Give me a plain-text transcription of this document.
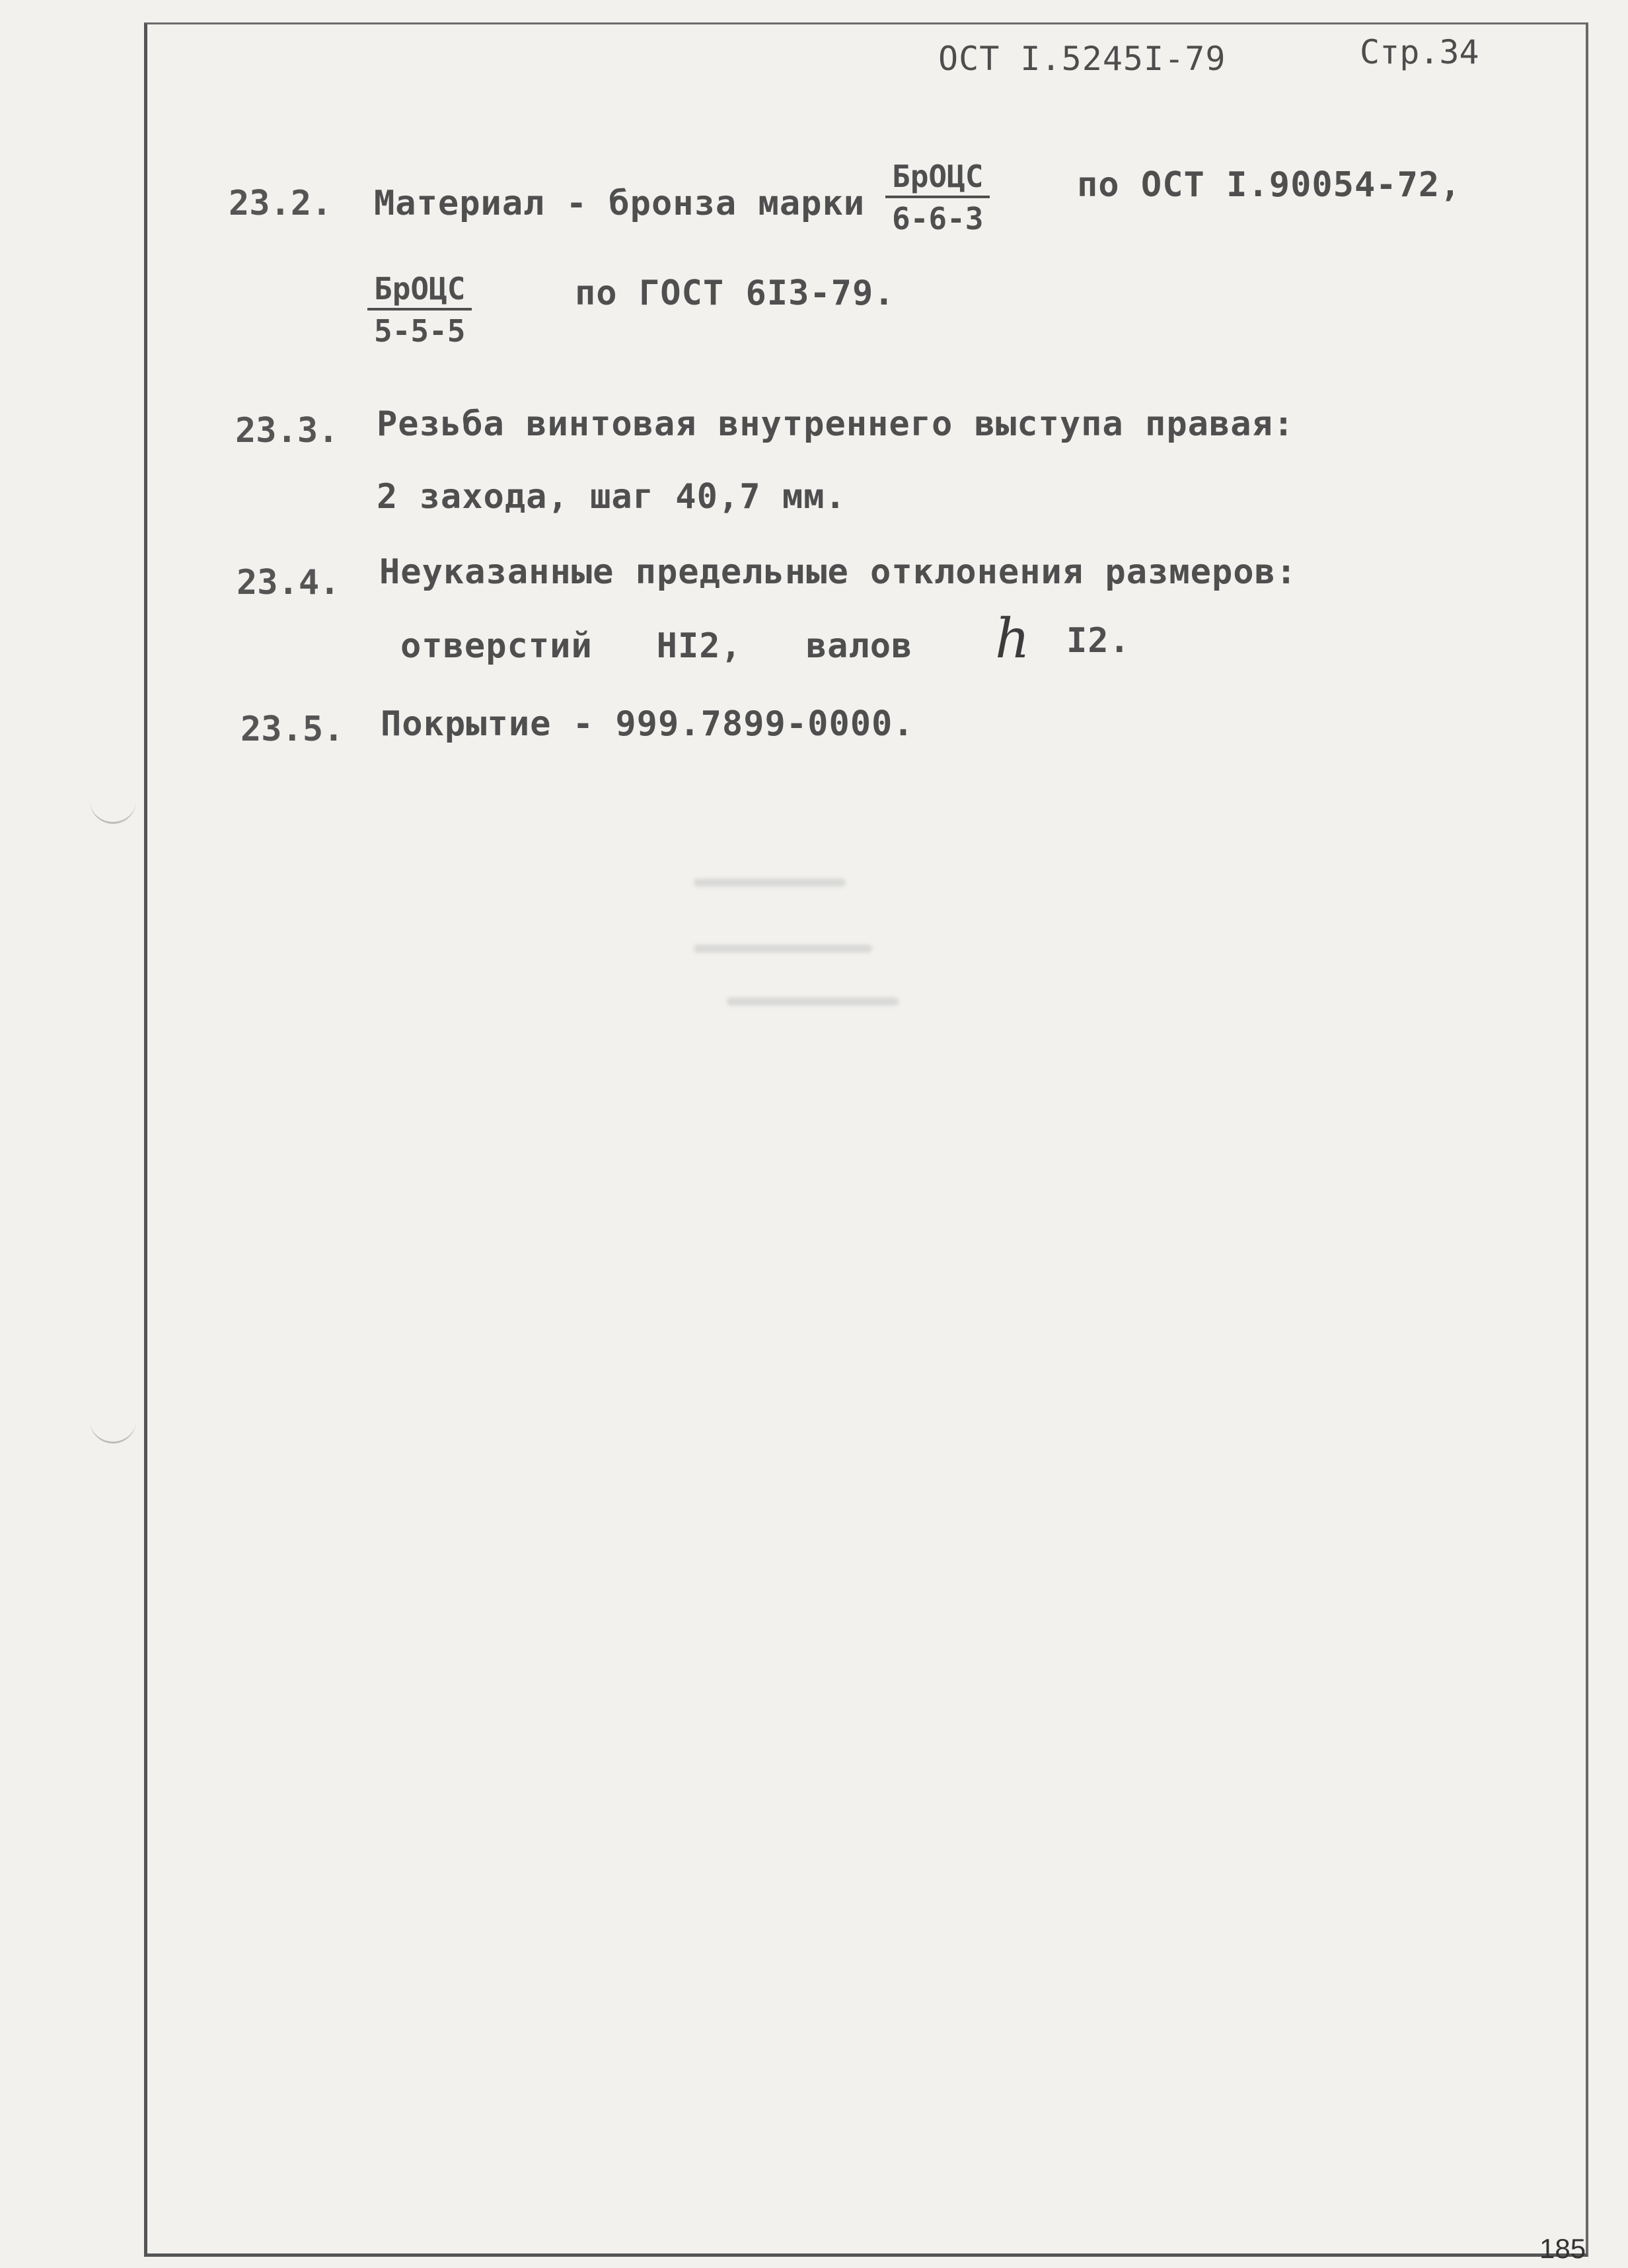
ОСТ I.5245I-79	Стр.34
23.2. Материал - бронза марки
БрОЦС
6-6-3
по ОСТ I.90054-72,
БрОЦС
5-5-5
по ГОСТ 6I3-79.
23.3. Резьба винтовая внутреннего выступа правая:
2 захода, шаг 40,7 мм.
23.4. Неуказанные предельные отклонения размеров:
отверстий   HI2,   валов h I2.
23.5. Покрытие - 999.7899-0000.
185
